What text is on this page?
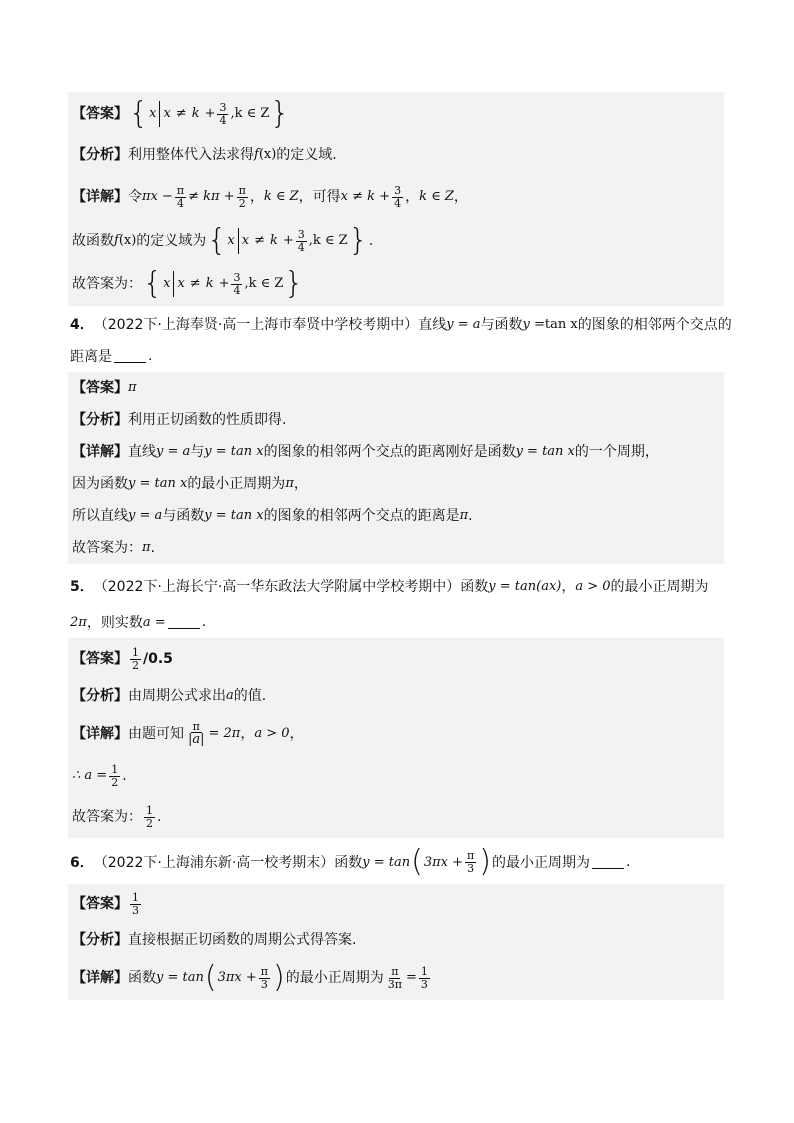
【答案】 { x $x \ne k + \frac{3}{4} ,k$ ∈ Z }
【分析】 利用整体代入法求得 f (x) 的定义域.
【详解】 令 $\pi x - \frac{\pi}{4} \ne k\pi + \frac{\pi}{2}$ ， k ∈ Z ， 可得 $x \ne k + \frac{3}{4}$ ， k ∈ Z ，
故函数 f (x) 的定义域为 { x $x \ne k + \frac{3}{4} ,k$ ∈ Z } .
故答案为： { x $x \ne k + \frac{3}{4} ,k$ ∈ Z }
4． （2022下·上海奉贤·高一上海市奉贤中学校考期中） 直线 y = a 与函数 y = tan x 的图象的相邻两个交点的
距离是	.
【答案】 π
【分析】 利用正切函数的性质即得.
【详解】 直线 y = a 与 y = tan x 的图象的相邻两个交点的距离刚好是函数 y = tan x 的一个周期，
因为函数 y = tan x 的最小正周期为 π ，
所以直线 y = a 与函数 y = tan x 的图象的相邻两个交点的距离是 π .
故答案为： π .
5． （2022下·上海长宁·高一华东政法大学附属中学校考期中） 函数 y = tan(ax) ， a > 0 的最小正周期为
2π ，则实数 a =	.
【答案】 $\frac{1}{2} /0.5$
【分析】 由周期公式求出 a 的值.
【详解】 由题可知 $\frac{\pi}{|a|} = 2\pi$ ， a > 0 ，
∴ $a = \frac{1}{2}$ .
故答案为： $\frac{1}{2}$ .
6． （2022下·上海浦东新·高一校考期末） 函数 y = tan ( $3\pi x + \frac{\pi}{3}$ ) 的最小正周期为	.
【答案】 $\frac{1}{3}$
【分析】 直接根据正切函数的周期公式得答案.
【详解】 函数 y = tan ( $3\pi x + \frac{\pi}{3}$ ) 的最小正周期为 $\frac{\pi}{3\pi} = \frac{1}{3}$
